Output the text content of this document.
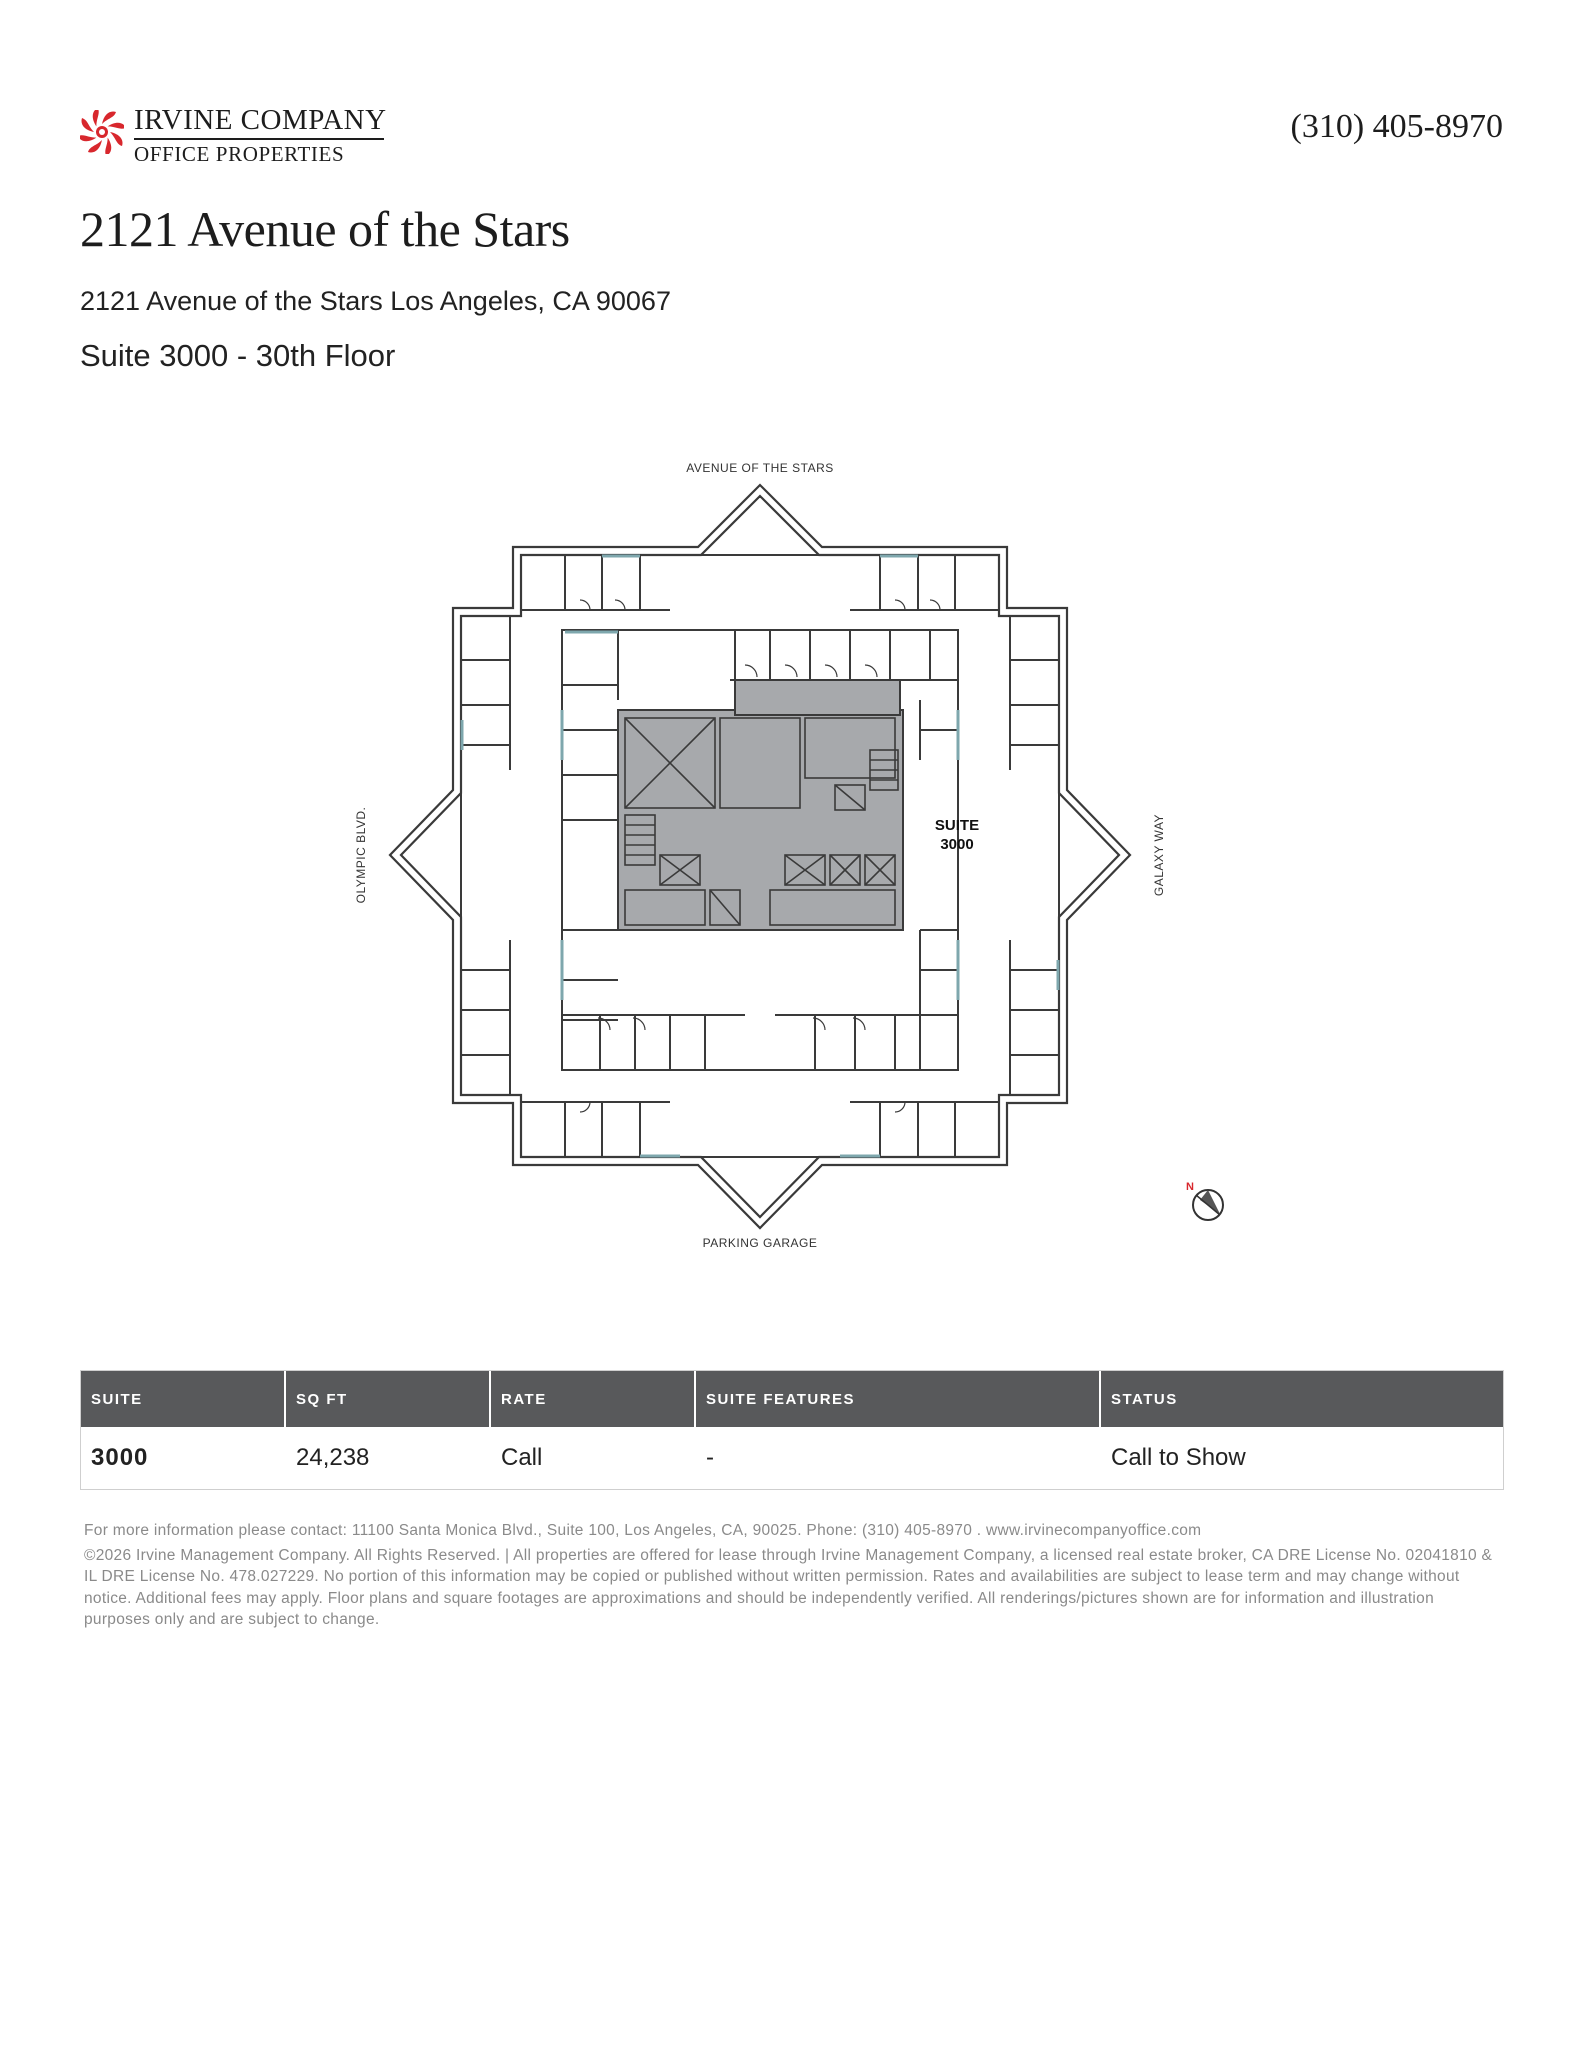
IRVINE COMPANY
OFFICE PROPERTIES
(310) 405-8970
2121 Avenue of the Stars
2121 Avenue of the Stars Los Angeles, CA 90067
Suite 3000 - 30th Floor
AVENUE OF THE STARS
PARKING GARAGE
OLYMPIC BLVD.	GALAXY WAY
SUITE
3000
N
SUITE	SQ FT	RATE	SUITE FEATURES	STATUS
3000	24,238	Call	-	Call to Show

For more information please contact: 11100 Santa Monica Blvd., Suite 100, Los Angeles, CA, 90025. Phone: (310) 405-8970 . www.irvinecompanyoffice.com

©2026 Irvine Management Company. All Rights Reserved. | All properties are offered for lease through Irvine Management Company, a licensed real estate broker, CA DRE License No. 02041810 & IL DRE License No. 478.027229. No portion of this information may be copied or published without written permission. Rates and availabilities are subject to lease term and may change without notice. Additional fees may apply. Floor plans and square footages are approximations and should be independently verified. All renderings/pictures shown are for information and illustration purposes only and are subject to change.
